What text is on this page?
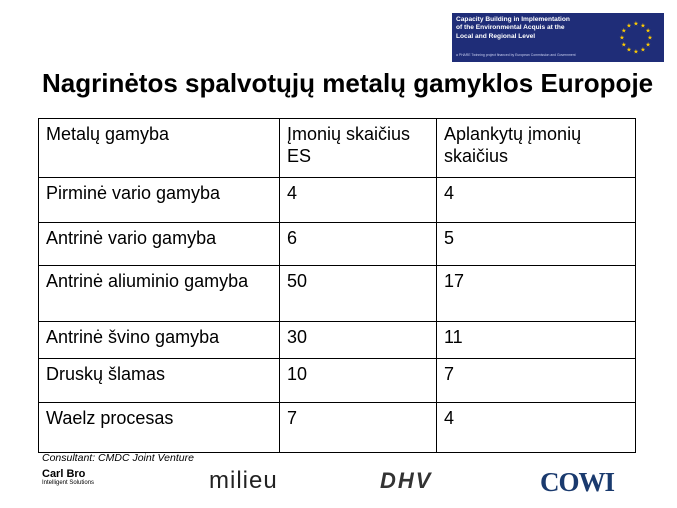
Capacity Building in Implementation
of the Environmental Acquis at the
Local and Regional Level
a PHARE Twinning project financed by European Commission and Government
★ ★
★
★
★
★
★
★
★
★
★
★
Nagrinėtos spalvotųjų metalų gamyklos Europoje
Metalų gamyba	Įmonių skaičius ES	Aplankytų įmonių skaičius
Pirminė vario gamyba	4	4
Antrinė vario gamyba	6	5
Antrinė aliuminio gamyba	50	17
Antrinė švino gamyba	30	11
Druskų šlamas	10	7
Waelz procesas	7	4
Consultant: CMDC Joint Venture
Carl Bro
Intelligent Solutions	milieu	DHV	COWI
